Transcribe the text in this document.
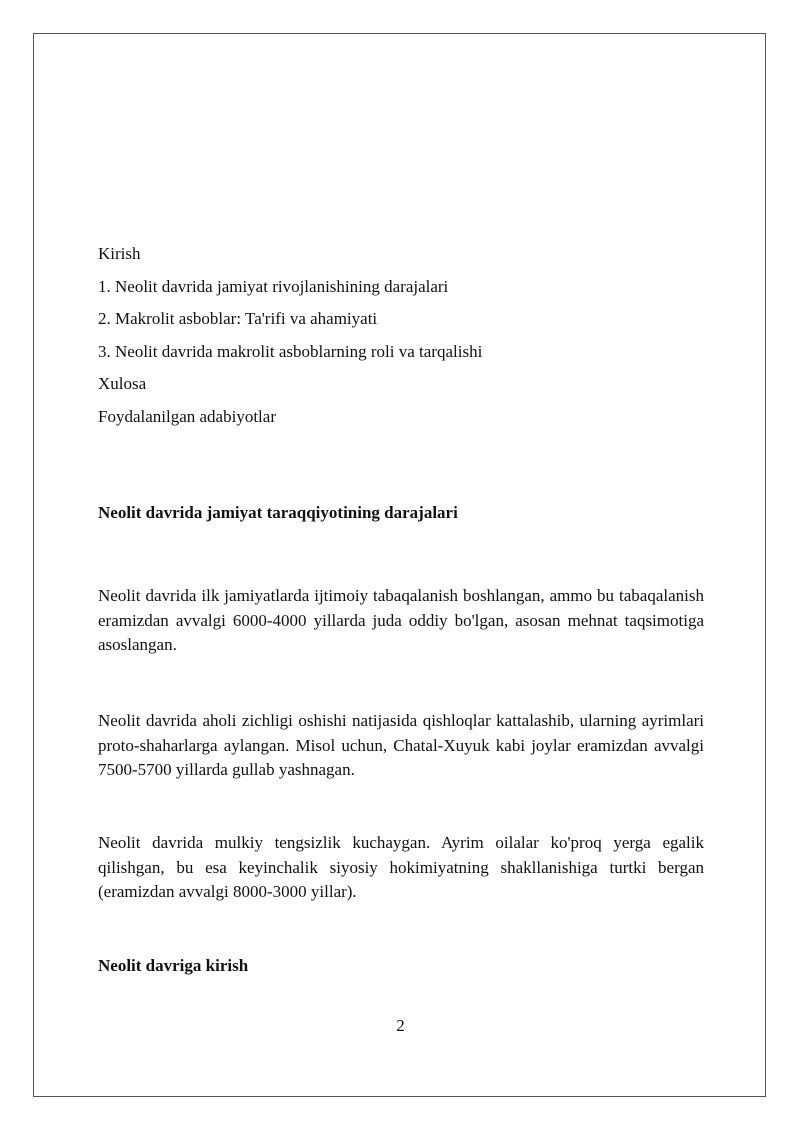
Kirish
1. Neolit davrida jamiyat rivojlanishining darajalari
2. Makrolit asboblar: Ta'rifi va ahamiyati
3. Neolit davrida makrolit asboblarning roli va tarqalishi
Xulosa
Foydalanilgan adabiyotlar
Neolit davrida jamiyat taraqqiyotining darajalari

Neolit davrida ilk jamiyatlarda ijtimoiy tabaqalanish boshlangan, ammo bu tabaqalanish eramizdan avvalgi 6000-4000 yillarda juda oddiy bo'lgan, asosan mehnat taqsimotiga asoslangan.

Neolit davrida aholi zichligi oshishi natijasida qishloqlar kattalashib, ularning ayrimlari proto-shaharlarga aylangan. Misol uchun, Chatal-Xuyuk kabi joylar eramizdan avvalgi 7500-5700 yillarda gullab yashnagan.

Neolit davrida mulkiy tengsizlik kuchaygan. Ayrim oilalar ko'proq yerga egalik qilishgan, bu esa keyinchalik siyosiy hokimiyatning shakllanishiga turtki bergan (eramizdan avvalgi 8000-3000 yillar).

Neolit davriga kirish
2
